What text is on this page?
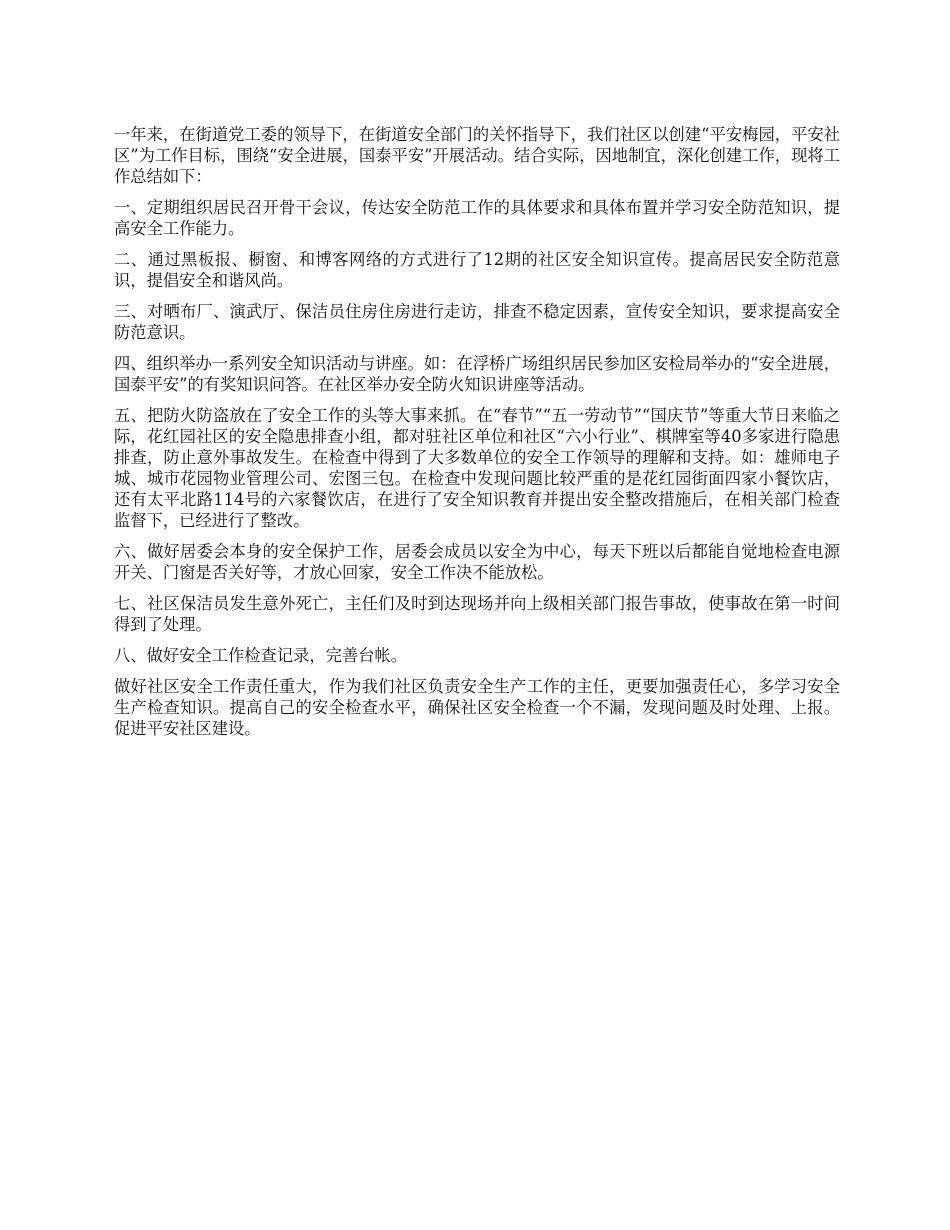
一年来，在街道党工委的领导下，在街道安全部门的关怀指导下，我们社区以创建“平安梅园，平安社区”为工作目标，围绕“安全进展，国泰平安”开展活动。结合实际，因地制宜，深化创建工作，现将工作总结如下：

一、定期组织居民召开骨干会议，传达安全防范工作的具体要求和具体布置并学习安全防范知识，提高安全工作能力。

二、通过黑板报、橱窗、和博客网络的方式进行了12期的社区安全知识宣传。提高居民安全防范意识，提倡安全和谐风尚。

三、对晒布厂、演武厅、保洁员住房住房进行走访，排查不稳定因素，宣传安全知识，要求提高安全防范意识。

四、组织举办一系列安全知识活动与讲座。如：在浮桥广场组织居民参加区安检局举办的“安全进展，国泰平安”的有奖知识问答。在社区举办安全防火知识讲座等活动。

五、把防火防盗放在了安全工作的头等大事来抓。在“春节”“五一劳动节”“国庆节”等重大节日来临之际，花红园社区的安全隐患排查小组，都对驻社区单位和社区“六小行业”、棋牌室等40多家进行隐患排查，防止意外事故发生。在检查中得到了大多数单位的安全工作领导的理解和支持。如：雄师电子城、城市花园物业管理公司、宏图三包。在检查中发现问题比较严重的是花红园街面四家小餐饮店，还有太平北路114号的六家餐饮店，在进行了安全知识教育并提出安全整改措施后，在相关部门检查监督下，已经进行了整改。

六、做好居委会本身的安全保护工作，居委会成员以安全为中心，每天下班以后都能自觉地检查电源开关、门窗是否关好等，才放心回家，安全工作决不能放松。

七、社区保洁员发生意外死亡，主任们及时到达现场并向上级相关部门报告事故，使事故在第一时间得到了处理。

八、做好安全工作检查记录，完善台帐。

做好社区安全工作责任重大，作为我们社区负责安全生产工作的主任，更要加强责任心，多学习安全生产检查知识。提高自己的安全检查水平，确保社区安全检查一个不漏，发现问题及时处理、上报。促进平安社区建设。
